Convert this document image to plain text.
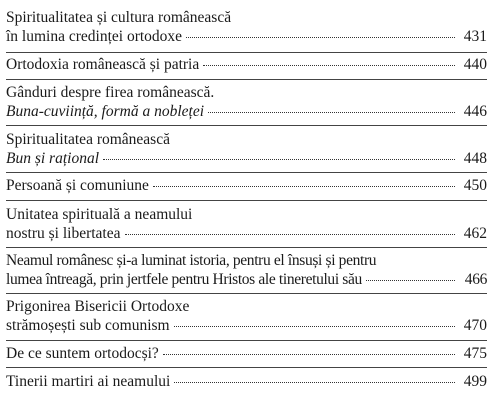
Spiritualitatea și cultura românească
în lumina credinței ortodoxe	431
Ortodoxia românească și patria	440
Gânduri despre firea românească.
Buna-cuviință, formă a nobleței	446
Spiritualitatea românească
Bun și rațional	448
Persoană și comuniune	450
Unitatea spirituală a neamului
nostru și libertatea	462
Neamul românesc și-a luminat istoria, pentru el însuși și pentru
lumea întreagă, prin jertfele pentru Hristos ale tineretului său	466
Prigonirea Bisericii Ortodoxe
strămoșești sub comunism	470
De ce suntem ortodocși?	475
Tinerii martiri ai neamului	499
